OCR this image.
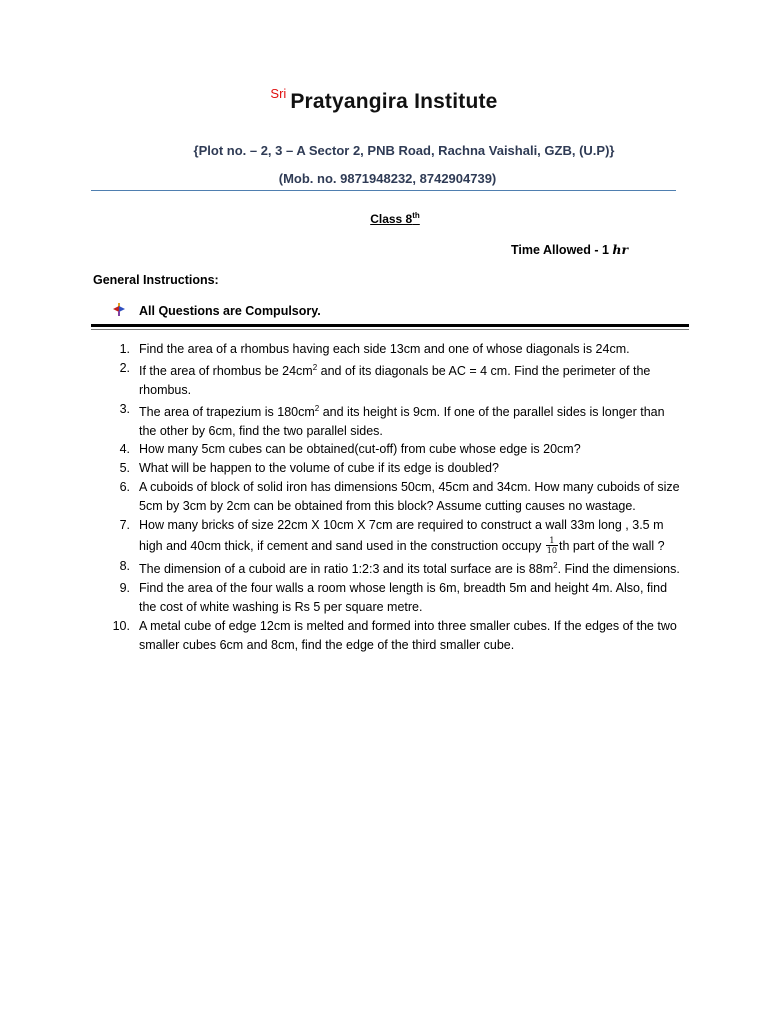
$^{Sri}$ Pratyangira Institute
{Plot no. – 2, 3 – A Sector 2, PNB Road, Rachna Vaishali, GZB, (U.P)}
(Mob. no. 9871948232, 8742904739)
Class 8th
Time Allowed - 1 hr
General Instructions:
All Questions are Compulsory.
1. Find the area of a rhombus having each side 13cm and one of whose diagonals is 24cm.
2. If the area of rhombus be $24cm^2$ and of its diagonals be AC = 4 cm. Find the perimeter of the rhombus.
3. The area of trapezium is $180cm^2$ and its height is 9cm. If one of the parallel sides is longer than the other by 6cm, find the two parallel sides.
4. How many 5cm cubes can be obtained(cut-off) from cube whose edge is 20cm?
5. What will be happen to the volume of cube if its edge is doubled?
6. A cuboids of block of solid iron has dimensions 50cm, 45cm and 34cm. How many cuboids of size 5cm by 3cm by 2cm can be obtained from this block? Assume cutting causes no wastage.
7. How many bricks of size 22cm X 10cm X 7cm are required to construct a wall 33m long , 3.5 m high and 40cm thick, if cement and sand used in the construction occupy $\frac{1}{10}$ th part of the wall ?
8. The dimension of a cuboid are in ratio 1:2:3 and its total surface are is $88m^2$. Find the dimensions.
9. Find the area of the four walls a room whose length is 6m, breadth 5m and height 4m. Also, find the cost of white washing is Rs 5 per square metre.
10. A metal cube of edge 12cm is melted and formed into three smaller cubes. If the edges of the two smaller cubes 6cm and 8cm, find the edge of the third smaller cube.
